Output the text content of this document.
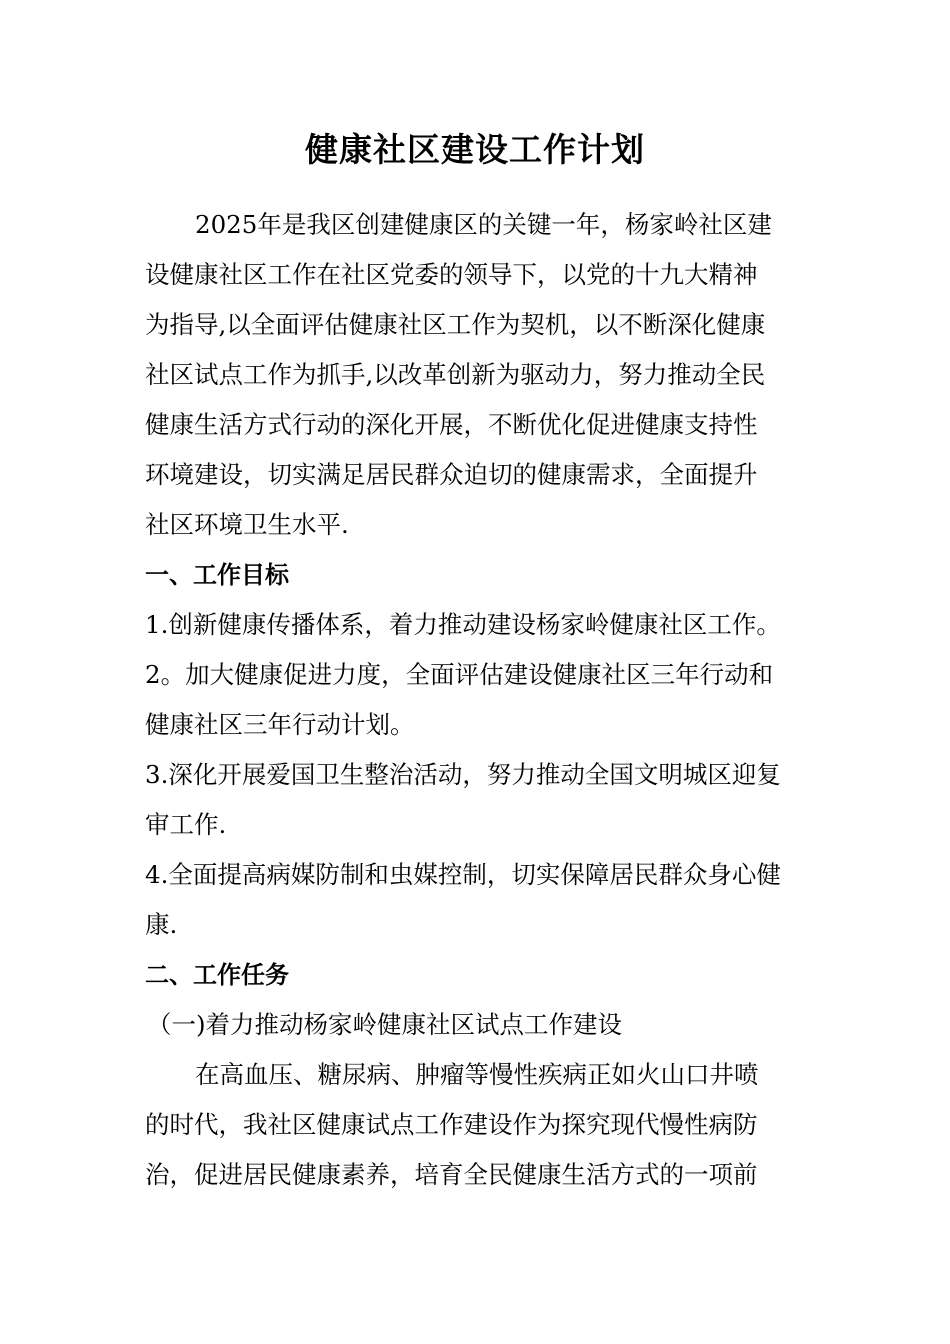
健康社区建设工作计划

2025年是我区创建健康区的关键一年，杨家岭社区建

设健康社区工作在社区党委的领导下，以党的十九大精神

为指导,以全面评估健康社区工作为契机，以不断深化健康

社区试点工作为抓手,以改革创新为驱动力，努力推动全民

健康生活方式行动的深化开展，不断优化促进健康支持性

环境建设，切实满足居民群众迫切的健康需求，全面提升

社区环境卫生水平.

一、工作目标

1.创新健康传播体系，着力推动建设杨家岭健康社区工作。

2。加大健康促进力度，全面评估建设健康社区三年行动和

健康社区三年行动计划。

3.深化开展爱国卫生整治活动，努力推动全国文明城区迎复

审工作.

4.全面提高病媒防制和虫媒控制，切实保障居民群众身心健

康.

二、工作任务

（一)着力推动杨家岭健康社区试点工作建设

在高血压、糖尿病、肿瘤等慢性疾病正如火山口井喷

的时代，我社区健康试点工作建设作为探究现代慢性病防

治，促进居民健康素养，培育全民健康生活方式的一项前
